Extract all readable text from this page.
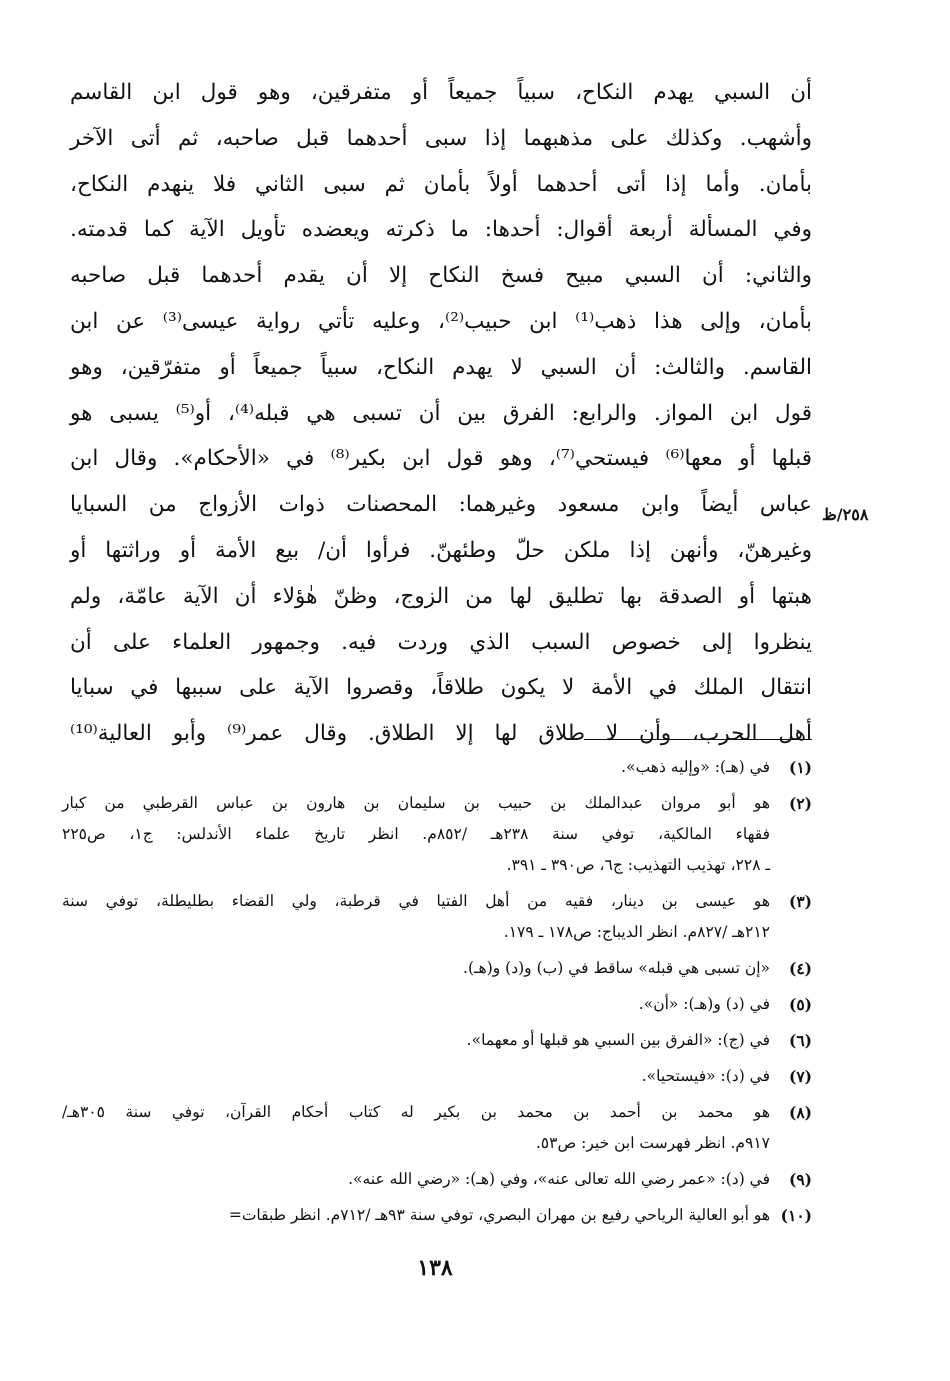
أن السبي يهدم النكاح، سبياً جميعاً أو متفرقين، وهو قول ابن القاسم
وأشهب. وكذلك على مذهبهما إذا سبى أحدهما قبل صاحبه، ثم أتى الآخر
بأمان. وأما إذا أتى أحدهما أولاً بأمان ثم سبى الثاني فلا ينهدم النكاح،
وفي المسألة أربعة أقوال: أحدها: ما ذكرته ويعضده تأويل الآية كما قدمته.
والثاني: أن السبي مبيح فسخ النكاح إلا أن يقدم أحدهما قبل صاحبه
بأمان، وإلى هذا ذهب⁽¹⁾ ابن حبيب⁽²⁾، وعليه تأتي رواية عيسى⁽³⁾ عن ابن
القاسم. والثالث: أن السبي لا يهدم النكاح، سبياً جميعاً أو متفرّقين، وهو
قول ابن المواز. والرابع: الفرق بين أن تسبى هي قبله⁽⁴⁾، أو⁽⁵⁾ يسبى هو
قبلها أو معها⁽⁶⁾ فيستحي⁽⁷⁾، وهو قول ابن بكير⁽⁸⁾ في «الأحكام». وقال ابن
عباس أيضاً وابن مسعود وغيرهما: المحصنات ذوات الأزواج من السبايا
وغيرهنّ، وأنهن إذا ملكن حلّ وطئهنّ. فرأوا أن/ بيع الأمة أو وراثتها أو
هبتها أو الصدقة بها تطليق لها من الزوج، وظنّ هٰؤلاء أن الآية عامّة، ولم
ينظروا إلى خصوص السبب الذي وردت فيه. وجمهور العلماء على أن
انتقال الملك في الأمة لا يكون طلاقاً، وقصروا الآية على سببها في سبايا
أهل الحرب، وأن لا طلاق لها إلا الطلاق. وقال عمر⁽⁹⁾ وأبو العالية⁽¹⁰⁾
٢٥٨/ظ
(١)
في (هـ): «وإليه ذهب».
(٢)
هو أبو مروان عبدالملك بن حبيب بن سليمان بن هارون بن عباس القرطبي من كبار
فقهاء المالكية، توفي سنة ٢٣٨هـ /٨٥٢م. انظر تاريخ علماء الأندلس: ج١، ص٢٢٥
ـ ٢٢٨، تهذيب التهذيب: ج٦، ص٣٩٠ ـ ٣٩١.
(٣)
هو عيسى بن دينار، فقيه من أهل الفتيا في قرطبة، ولي القضاء بطليطلة، توفي سنة
٢١٢هـ /٨٢٧م. انظر الديباج: ص١٧٨ ـ ١٧٩.
(٤)
«إن تسبى هي قبله» ساقط في (ب) و(د) و(هـ).
(٥)
في (د) و(هـ): «أن».
(٦)
في (ج): «الفرق بين السبي هو قبلها أو معهما».
(٧)
في (د): «فيستحيا».
(٨)
هو محمد بن أحمد بن محمد بن بكير له كتاب أحكام القرآن، توفي سنة ٣٠٥هـ/
٩١٧م. انظر فهرست ابن خير: ص٥٣.
(٩)
في (د): «عمر رضي الله تعالى عنه»، وفي (هـ): «رضي الله عنه».
(١٠)
هو أبو العالية الرياحي رفيع بن مهران البصري، توفي سنة ٩٣هـ /٧١٢م. انظر طبقات=
١٣٨
